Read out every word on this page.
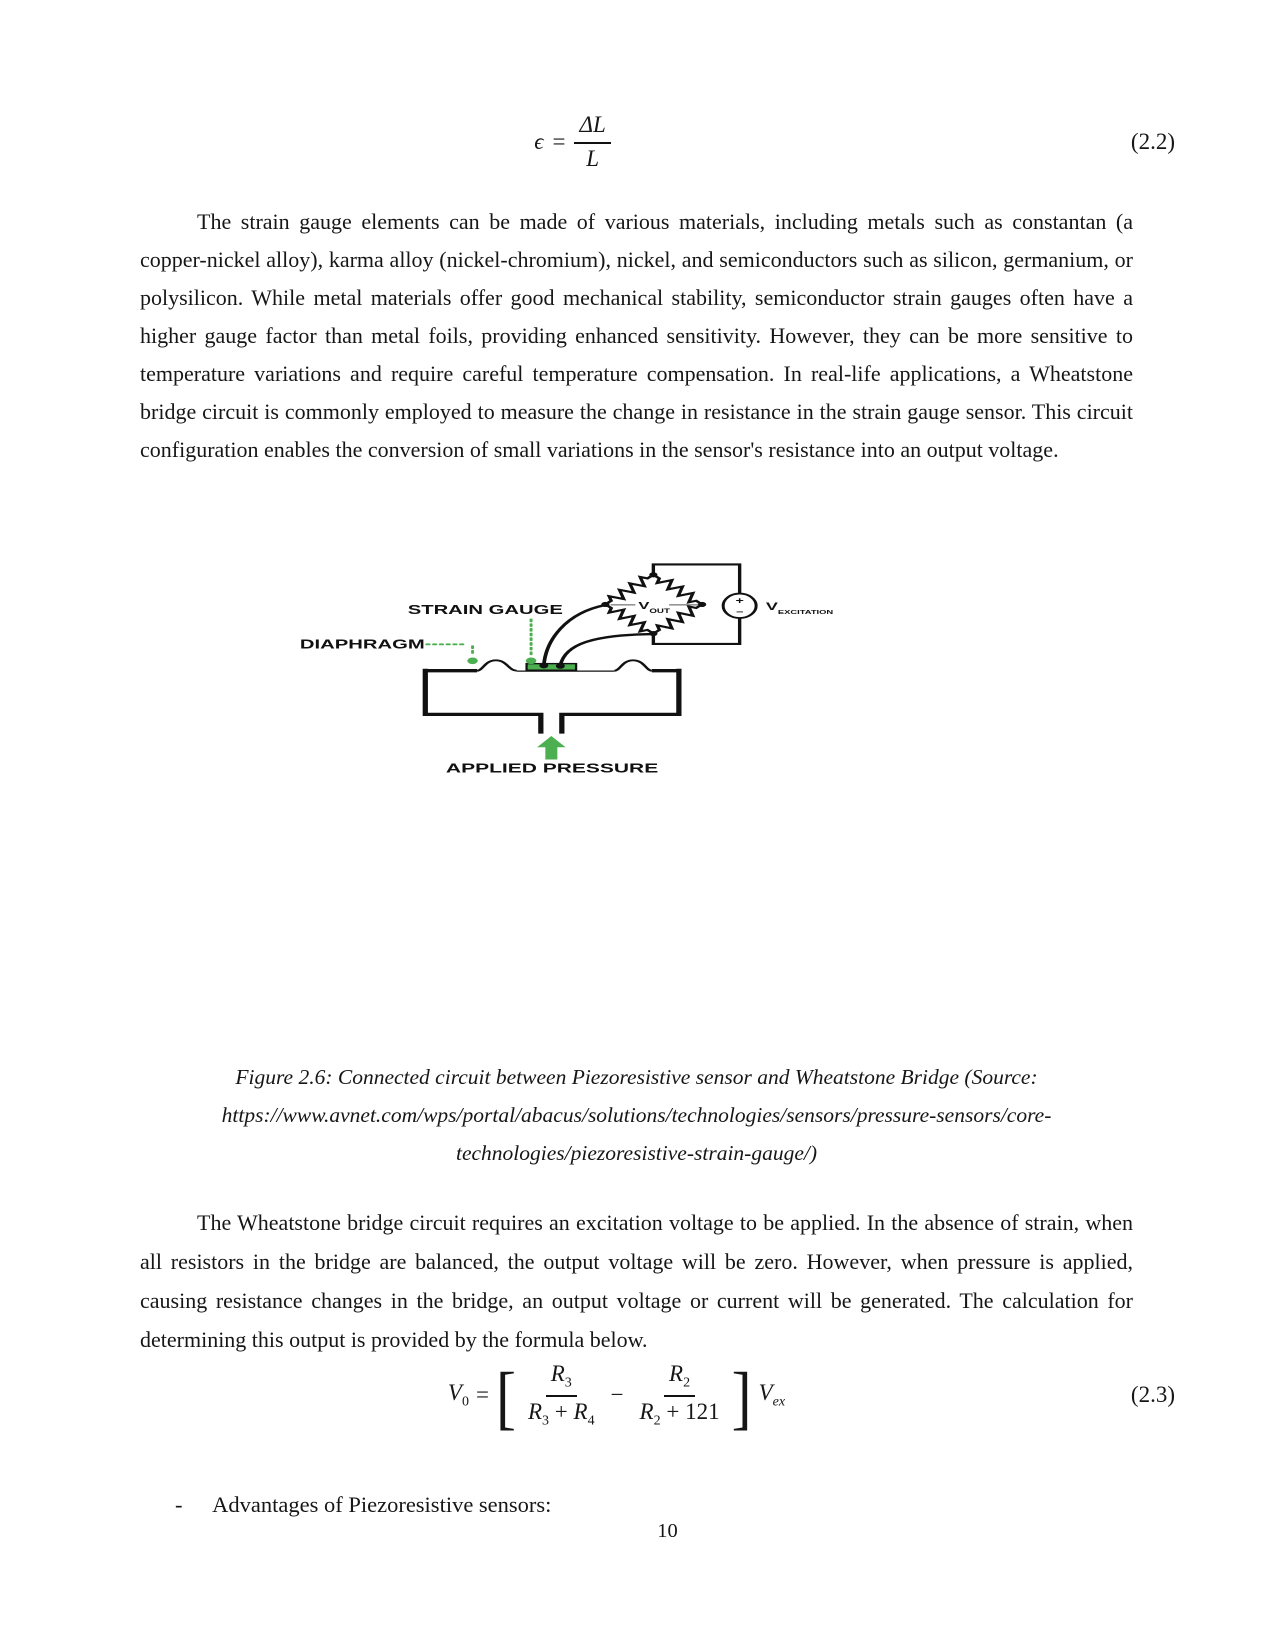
$\epsilon = \frac{\Delta L}{L}$	(2.2)

The strain gauge elements can be made of various materials, including metals such as constantan (a copper-nickel alloy), karma alloy (nickel-chromium), nickel, and semiconductors such as silicon, germanium, or polysilicon. While metal materials offer good mechanical stability, semiconductor strain gauges often have a higher gauge factor than metal foils, providing enhanced sensitivity. However, they can be more sensitive to temperature variations and require careful temperature compensation. In real-life applications, a Wheatstone bridge circuit is commonly employed to measure the change in resistance in the strain gauge sensor. This circuit configuration enables the conversion of small variations in the sensor's resistance into an output voltage.

+
− $V_{EXCITATION}$
$V_{OUT}$
STRAIN GAUGE
DIAPHRAGM
APPLIED PRESSURE
Figure 2.6: Connected circuit between Piezoresistive sensor and Wheatstone Bridge (Source:
https://www.avnet.com/wps/portal/abacus/solutions/technologies/sensors/pressure-sensors/core-
technologies/piezoresistive-strain-gauge/)

The Wheatstone bridge circuit requires an excitation voltage to be applied. In the absence of strain, when all resistors in the bridge are balanced, the output voltage will be zero. However, when pressure is applied, causing resistance changes in the bridge, an output voltage or current will be generated. The calculation for determining this output is provided by the formula below.

$V_0$ = [ $\frac{R_3}{R_3 + R_4} - \frac{R_2}{R_2 + 121}$ ] $V_{ex}$	(2.3)
- Advantages of Piezoresistive sensors:
10
